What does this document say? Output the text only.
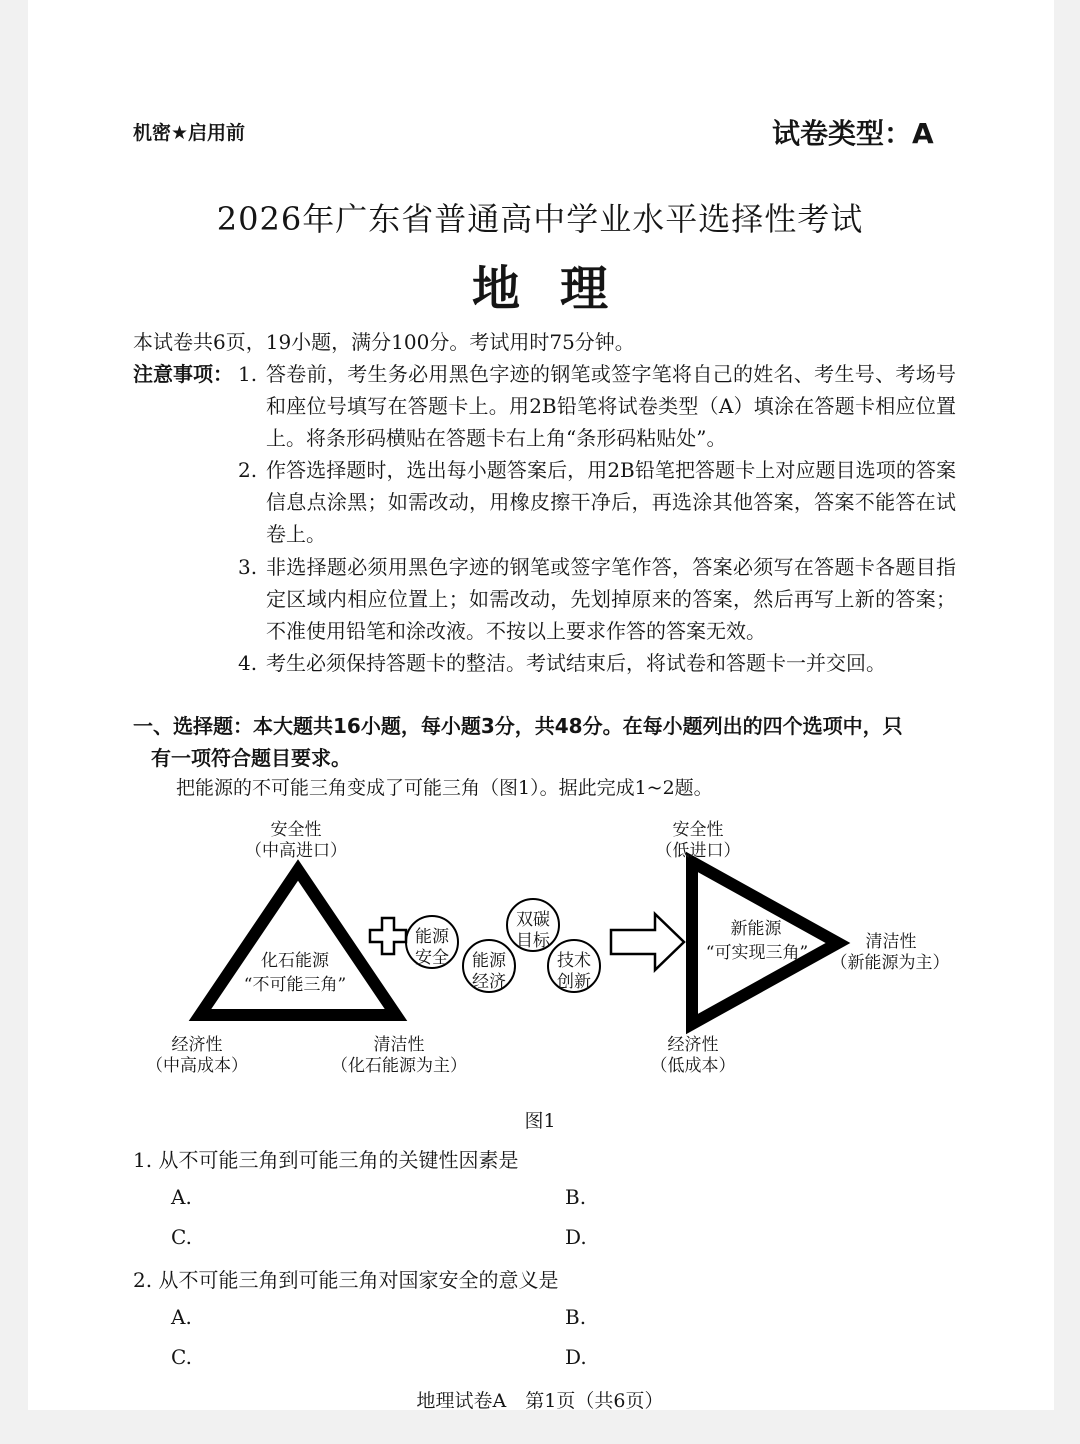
机密★启用前	试卷类型：A
2026年广东省普通高中学业水平选择性考试
地理
本试卷共6页，19小题，满分100分。考试用时75分钟。
注意事项： 1. 答卷前，考生务必用黑色字迹的钢笔或签字笔将自己的姓名、考生号、考场号和座位号填写在答题卡上。用2B铅笔将试卷类型（A）填涂在答题卡相应位置上。将条形码横贴在答题卡右上角“条形码粘贴处”。
2. 作答选择题时，选出每小题答案后，用2B铅笔把答题卡上对应题目选项的答案信息点涂黑；如需改动，用橡皮擦干净后，再选涂其他答案，答案不能答在试卷上。
3. 非选择题必须用黑色字迹的钢笔或签字笔作答，答案必须写在答题卡各题目指定区域内相应位置上；如需改动，先划掉原来的答案，然后再写上新的答案；不准使用铅笔和涂改液。不按以上要求作答的答案无效。
4. 考生必须保持答题卡的整洁。考试结束后，将试卷和答题卡一并交回。
一、选择题：本大题共16小题，每小题3分，共48分。在每小题列出的四个选项中，只
有一项符合题目要求。
把能源的不可能三角变成了可能三角（图1）。据此完成1~2题。
安全性
（中高进口）
化石能源
“不可能三角”
经济性
（中高成本）
清洁性
（化石能源为主）
能源
安全 能源
经济
双碳
目标
技术
创新
安全性
（低进口）
新能源
“可实现三角”
清洁性
（新能源为主）
经济性
（低成本）
图1
1. 从不可能三角到可能三角的关键性因素是
A.	B.
C.	D.
2. 从不可能三角到可能三角对国家安全的意义是
A.	B.
C.	D.
地理试卷A　第1页（共6页）
